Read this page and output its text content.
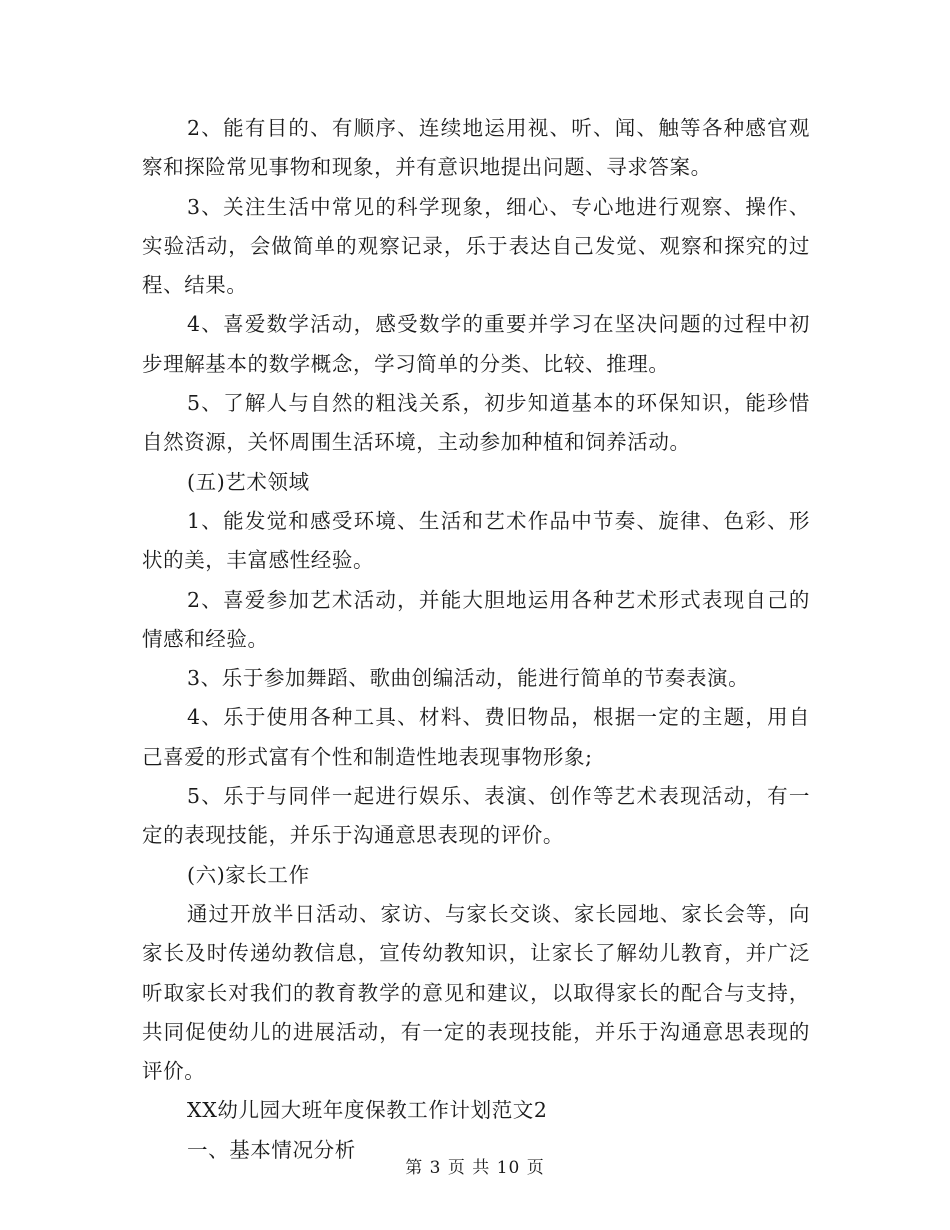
2、能有目的、有顺序、连续地运用视、听、闻、触等各种感官观察和探险常见事物和现象，并有意识地提出问题、寻求答案。

3、关注生活中常见的科学现象，细心、专心地进行观察、操作、实验活动，会做简单的观察记录，乐于表达自己发觉、观察和探究的过程、结果。

4、喜爱数学活动，感受数学的重要并学习在坚决问题的过程中初步理解基本的数学概念，学习简单的分类、比较、推理。

5、了解人与自然的粗浅关系，初步知道基本的环保知识，能珍惜自然资源，关怀周围生活环境，主动参加种植和饲养活动。

(五)艺术领域

1、能发觉和感受环境、生活和艺术作品中节奏、旋律、色彩、形状的美，丰富感性经验。

2、喜爱参加艺术活动，并能大胆地运用各种艺术形式表现自己的情感和经验。

3、乐于参加舞蹈、歌曲创编活动，能进行简单的节奏表演。

4、乐于使用各种工具、材料、费旧物品，根据一定的主题，用自己喜爱的形式富有个性和制造性地表现事物形象;

5、乐于与同伴一起进行娱乐、表演、创作等艺术表现活动，有一定的表现技能，并乐于沟通意思表现的评价。

(六)家长工作

通过开放半日活动、家访、与家长交谈、家长园地、家长会等，向家长及时传递幼教信息，宣传幼教知识，让家长了解幼儿教育，并广泛听取家长对我们的教育教学的意见和建议，以取得家长的配合与支持，共同促使幼儿的进展活动，有一定的表现技能，并乐于沟通意思表现的评价。

XX幼儿园大班年度保教工作计划范文2

一、基本情况分析

第 3 页 共 10 页
